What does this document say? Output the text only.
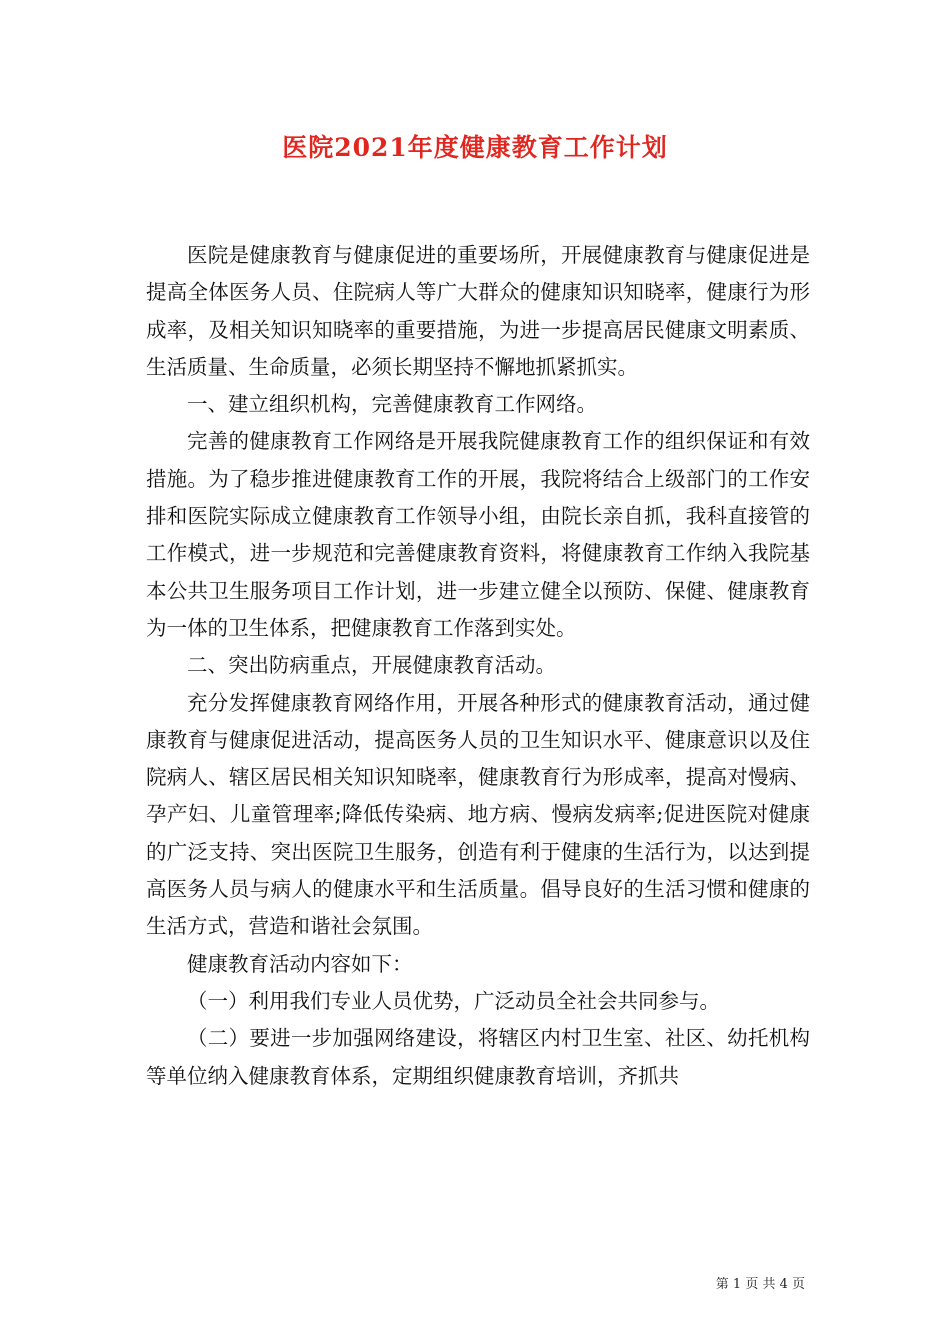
医院2021年度健康教育工作计划

医院是健康教育与健康促进的重要场所，开展健康教育与健康促进是提高全体医务人员、住院病人等广大群众的健康知识知晓率，健康行为形成率，及相关知识知晓率的重要措施，为进一步提高居民健康文明素质、生活质量、生命质量，必须长期坚持不懈地抓紧抓实。

一、建立组织机构，完善健康教育工作网络。

完善的健康教育工作网络是开展我院健康教育工作的组织保证和有效措施。为了稳步推进健康教育工作的开展，我院将结合上级部门的工作安排和医院实际成立健康教育工作领导小组，由院长亲自抓，我科直接管的工作模式，进一步规范和完善健康教育资料，将健康教育工作纳入我院基本公共卫生服务项目工作计划，进一步建立健全以预防、保健、健康教育为一体的卫生体系，把健康教育工作落到实处。

二、突出防病重点，开展健康教育活动。

充分发挥健康教育网络作用，开展各种形式的健康教育活动，通过健康教育与健康促进活动，提高医务人员的卫生知识水平、健康意识以及住院病人、辖区居民相关知识知晓率，健康教育行为形成率，提高对慢病、孕产妇、儿童管理率;降低传染病、地方病、慢病发病率;促进医院对健康的广泛支持、突出医院卫生服务，创造有利于健康的生活行为，以达到提高医务人员与病人的健康水平和生活质量。倡导良好的生活习惯和健康的生活方式，营造和谐社会氛围。

健康教育活动内容如下：

（一）利用我们专业人员优势，广泛动员全社会共同参与。

（二）要进一步加强网络建设，将辖区内村卫生室、社区、幼托机构等单位纳入健康教育体系，定期组织健康教育培训，齐抓共

第 1 页 共 4 页
